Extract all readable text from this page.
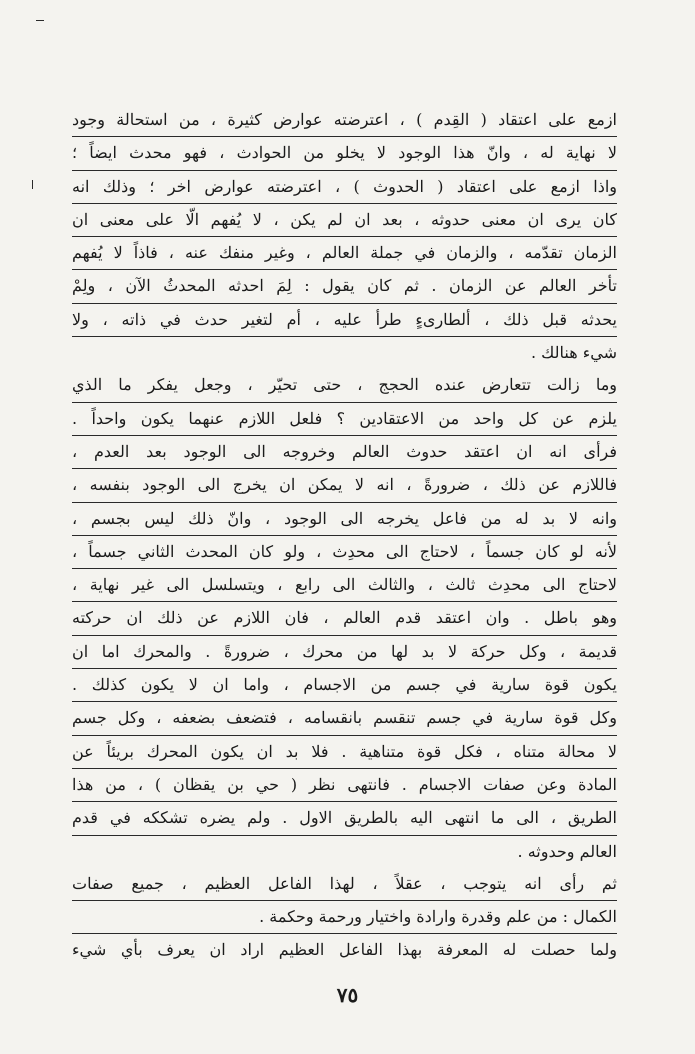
ازمع على اعتقاد ( القِدم ) ، اعترضته عوارض كثيرة ، من استحالة وجود
لا نهاية له ، وانّ هذا الوجود لا يخلو من الحوادث ، فهو محدث ايضاً ؛
واذا ازمع على اعتقاد ( الحدوث ) ، اعترضته عوارض اخر ؛ وذلك انه
كان يرى ان معنى حدوثه ، بعد ان لم يكن ، لا يُفهم الّا على معنى ان
الزمان تقدّمه ، والزمان في جملة العالم ، وغير منفك عنه ، فاذاً لا يُفهم
تأخر العالم عن الزمان . ثم كان يقول : لِمَ احدثه المحدثُ الآن ، ولِمْ
يحدثه قبل ذلك ، ألطارىءٍ طرأ عليه ، أم لتغير حدث في ذاته ، ولا
شيء هنالك .
وما زالت تتعارض عنده الحجج ، حتى تحيّر ، وجعل يفكر ما الذي
يلزم عن كل واحد من الاعتقادين ؟ فلعل اللازم عنهما يكون واحداً .
فرأى انه ان اعتقد حدوث العالم وخروجه الى الوجود بعد العدم ،
فاللازم عن ذلك ، ضرورةً ، انه لا يمكن ان يخرج الى الوجود بنفسه ،
وانه لا بد له من فاعل يخرجه الى الوجود ، وانّ ذلك ليس بجسم ،
لأنه لو كان جسماً ، لاحتاج الى محدِث ، ولو كان المحدث الثاني جسماً ،
لاحتاج الى محدِث ثالث ، والثالث الى رابع ، ويتسلسل الى غير نهاية ،
وهو باطل . وان اعتقد قدم العالم ، فان اللازم عن ذلك ان حركته
قديمة ، وكل حركة لا بد لها من محرك ، ضرورةً . والمحرك اما ان
يكون قوة سارية في جسم من الاجسام ، واما ان لا يكون كذلك .
وكل قوة سارية في جسم تنقسم بانقسامه ، فتضعف بضعفه ، وكل جسم
لا محالة متناه ، فكل قوة متناهية . فلا بد ان يكون المحرك بريئاً عن
المادة وعن صفات الاجسام . فانتهى نظر ( حي بن يقظان ) ، من هذا
الطريق ، الى ما انتهى اليه بالطريق الاول . ولم يضره تشككه في قدم
العالم وحدوثه .
ثم رأى انه يتوجب ، عقلاً ، لهذا الفاعل العظيم ، جميع صفات
الكمال : من علم وقدرة وارادة واختيار ورحمة وحكمة .
ولما حصلت له المعرفة بهذا الفاعل العظيم اراد ان يعرف بأي شيء
٧٥
